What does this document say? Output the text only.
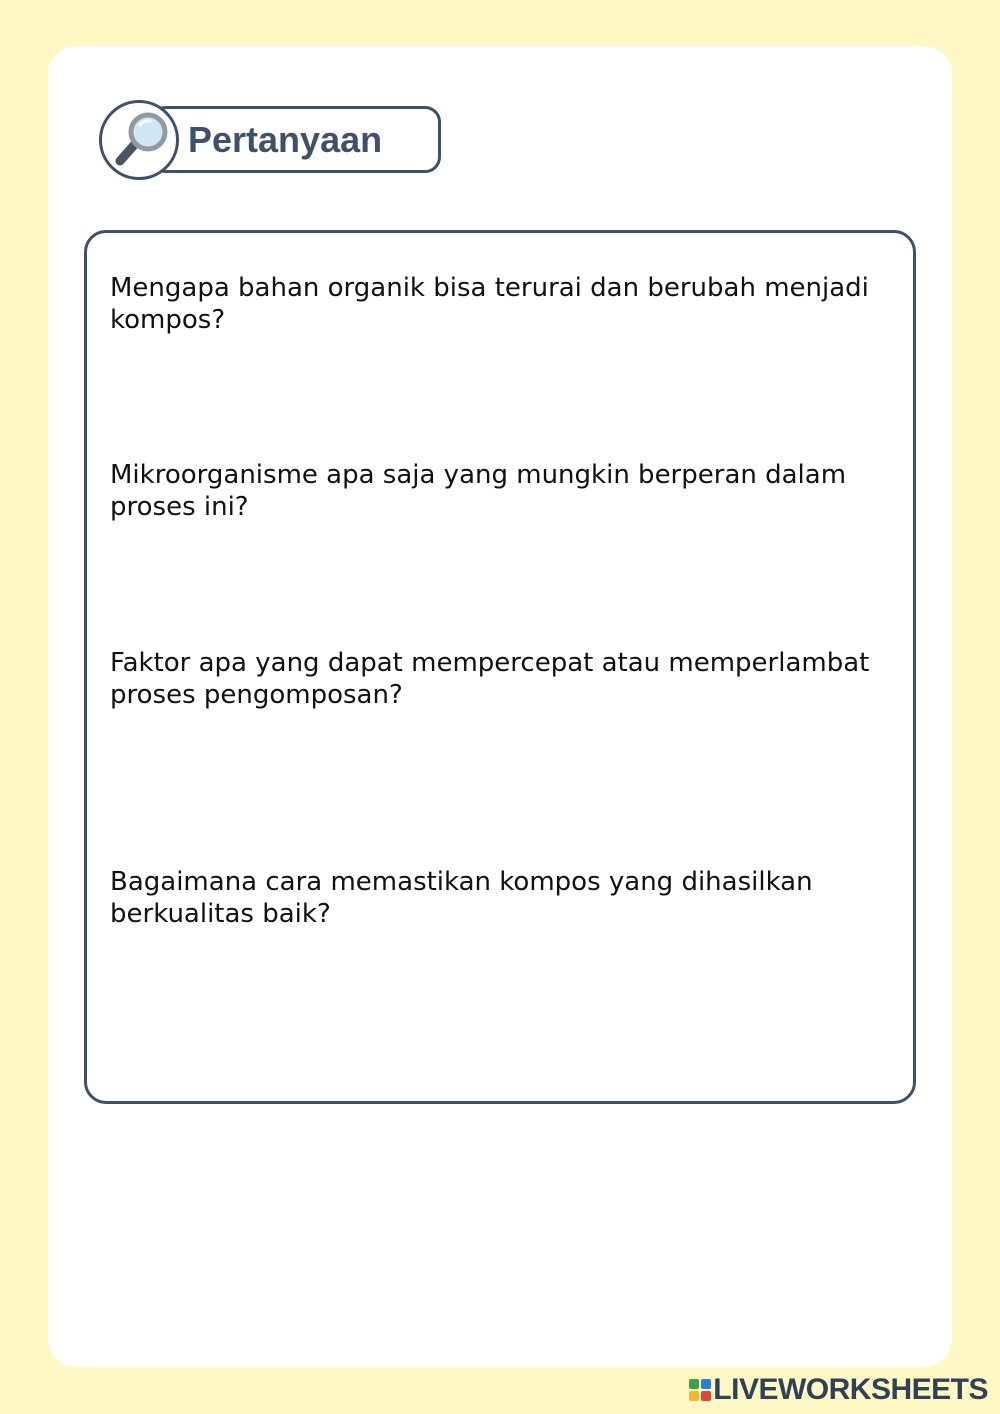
Pertanyaan

Mengapa bahan organik bisa terurai dan berubah menjadi kompos?

Mikroorganisme apa saja yang mungkin berperan dalam proses ini?

Faktor apa yang dapat mempercepat atau memperlambat proses pengomposan?

Bagaimana cara memastikan kompos yang dihasilkan berkualitas baik?

LIVEWORKSHEETS
